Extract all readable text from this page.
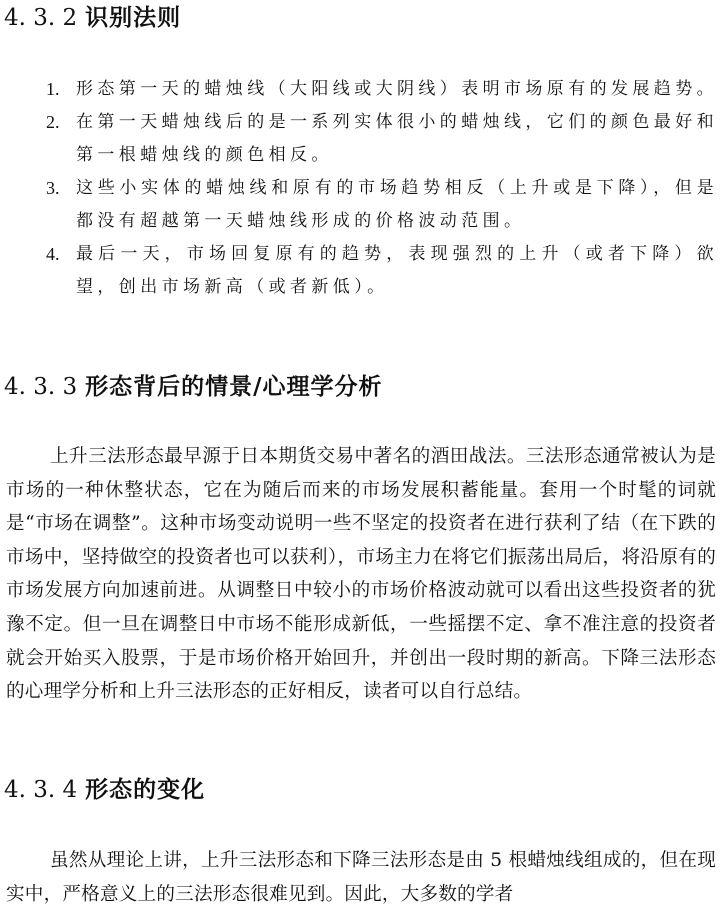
4. 3. 2 识别法则
1. 形态第一天的蜡烛线（大阳线或大阴线）表明市场原有的发展趋势。
2. 在第一天蜡烛线后的是一系列实体很小的蜡烛线，它们的颜色最好和第一根蜡烛线的颜色相反。
3. 这些小实体的蜡烛线和原有的市场趋势相反（上升或是下降），但是都没有超越第一天蜡烛线形成的价格波动范围。
4. 最后一天，市场回复原有的趋势，表现强烈的上升（或者下降）欲望，创出市场新高（或者新低）。
4. 3. 3 形态背后的情景/心理学分析

上升三法形态最早源于日本期货交易中著名的酒田战法。三法形态通常被认为是市场的一种休整状态，它在为随后而来的市场发展积蓄能量。套用一个时髦的词就是“市场在调整”。这种市场变动说明一些不坚定的投资者在进行获利了结（在下跌的市场中，坚持做空的投资者也可以获利），市场主力在将它们振荡出局后，将沿原有的市场发展方向加速前进。从调整日中较小的市场价格波动就可以看出这些投资者的犹豫不定。但一旦在调整日中市场不能形成新低，一些摇摆不定、拿不准注意的投资者就会开始买入股票，于是市场价格开始回升，并创出一段时期的新高。下降三法形态的心理学分析和上升三法形态的正好相反，读者可以自行总结。

4. 3. 4 形态的变化

虽然从理论上讲，上升三法形态和下降三法形态是由 5 根蜡烛线组成的，但在现实中，严格意义上的三法形态很难见到。因此，大多数的学者
